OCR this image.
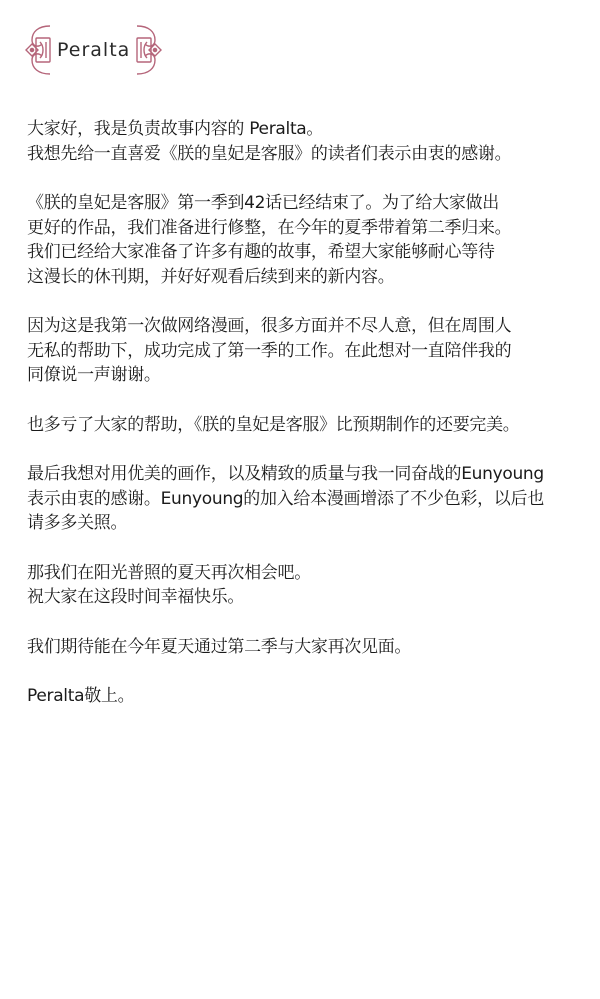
Peralta
大家好，我是负责故事内容的 Peralta。
我想先给一直喜爱《朕的皇妃是客服》的读者们表示由衷的感谢。
《朕的皇妃是客服》第一季到42话已经结束了。为了给大家做出
更好的作品，我们准备进行修整，在今年的夏季带着第二季归来。
我们已经给大家准备了许多有趣的故事，希望大家能够耐心等待
这漫长的休刊期，并好好观看后续到来的新内容。
因为这是我第一次做网络漫画，很多方面并不尽人意，但在周围人
无私的帮助下，成功完成了第一季的工作。在此想对一直陪伴我的
同僚说一声谢谢。
也多亏了大家的帮助，《朕的皇妃是客服》比预期制作的还要完美。
最后我想对用优美的画作，以及精致的质量与我一同奋战的Eunyoung
表示由衷的感谢。Eunyoung的加入给本漫画增添了不少色彩，以后也
请多多关照。
那我们在阳光普照的夏天再次相会吧。
祝大家在这段时间幸福快乐。
我们期待能在今年夏天通过第二季与大家再次见面。
Peralta敬上。
